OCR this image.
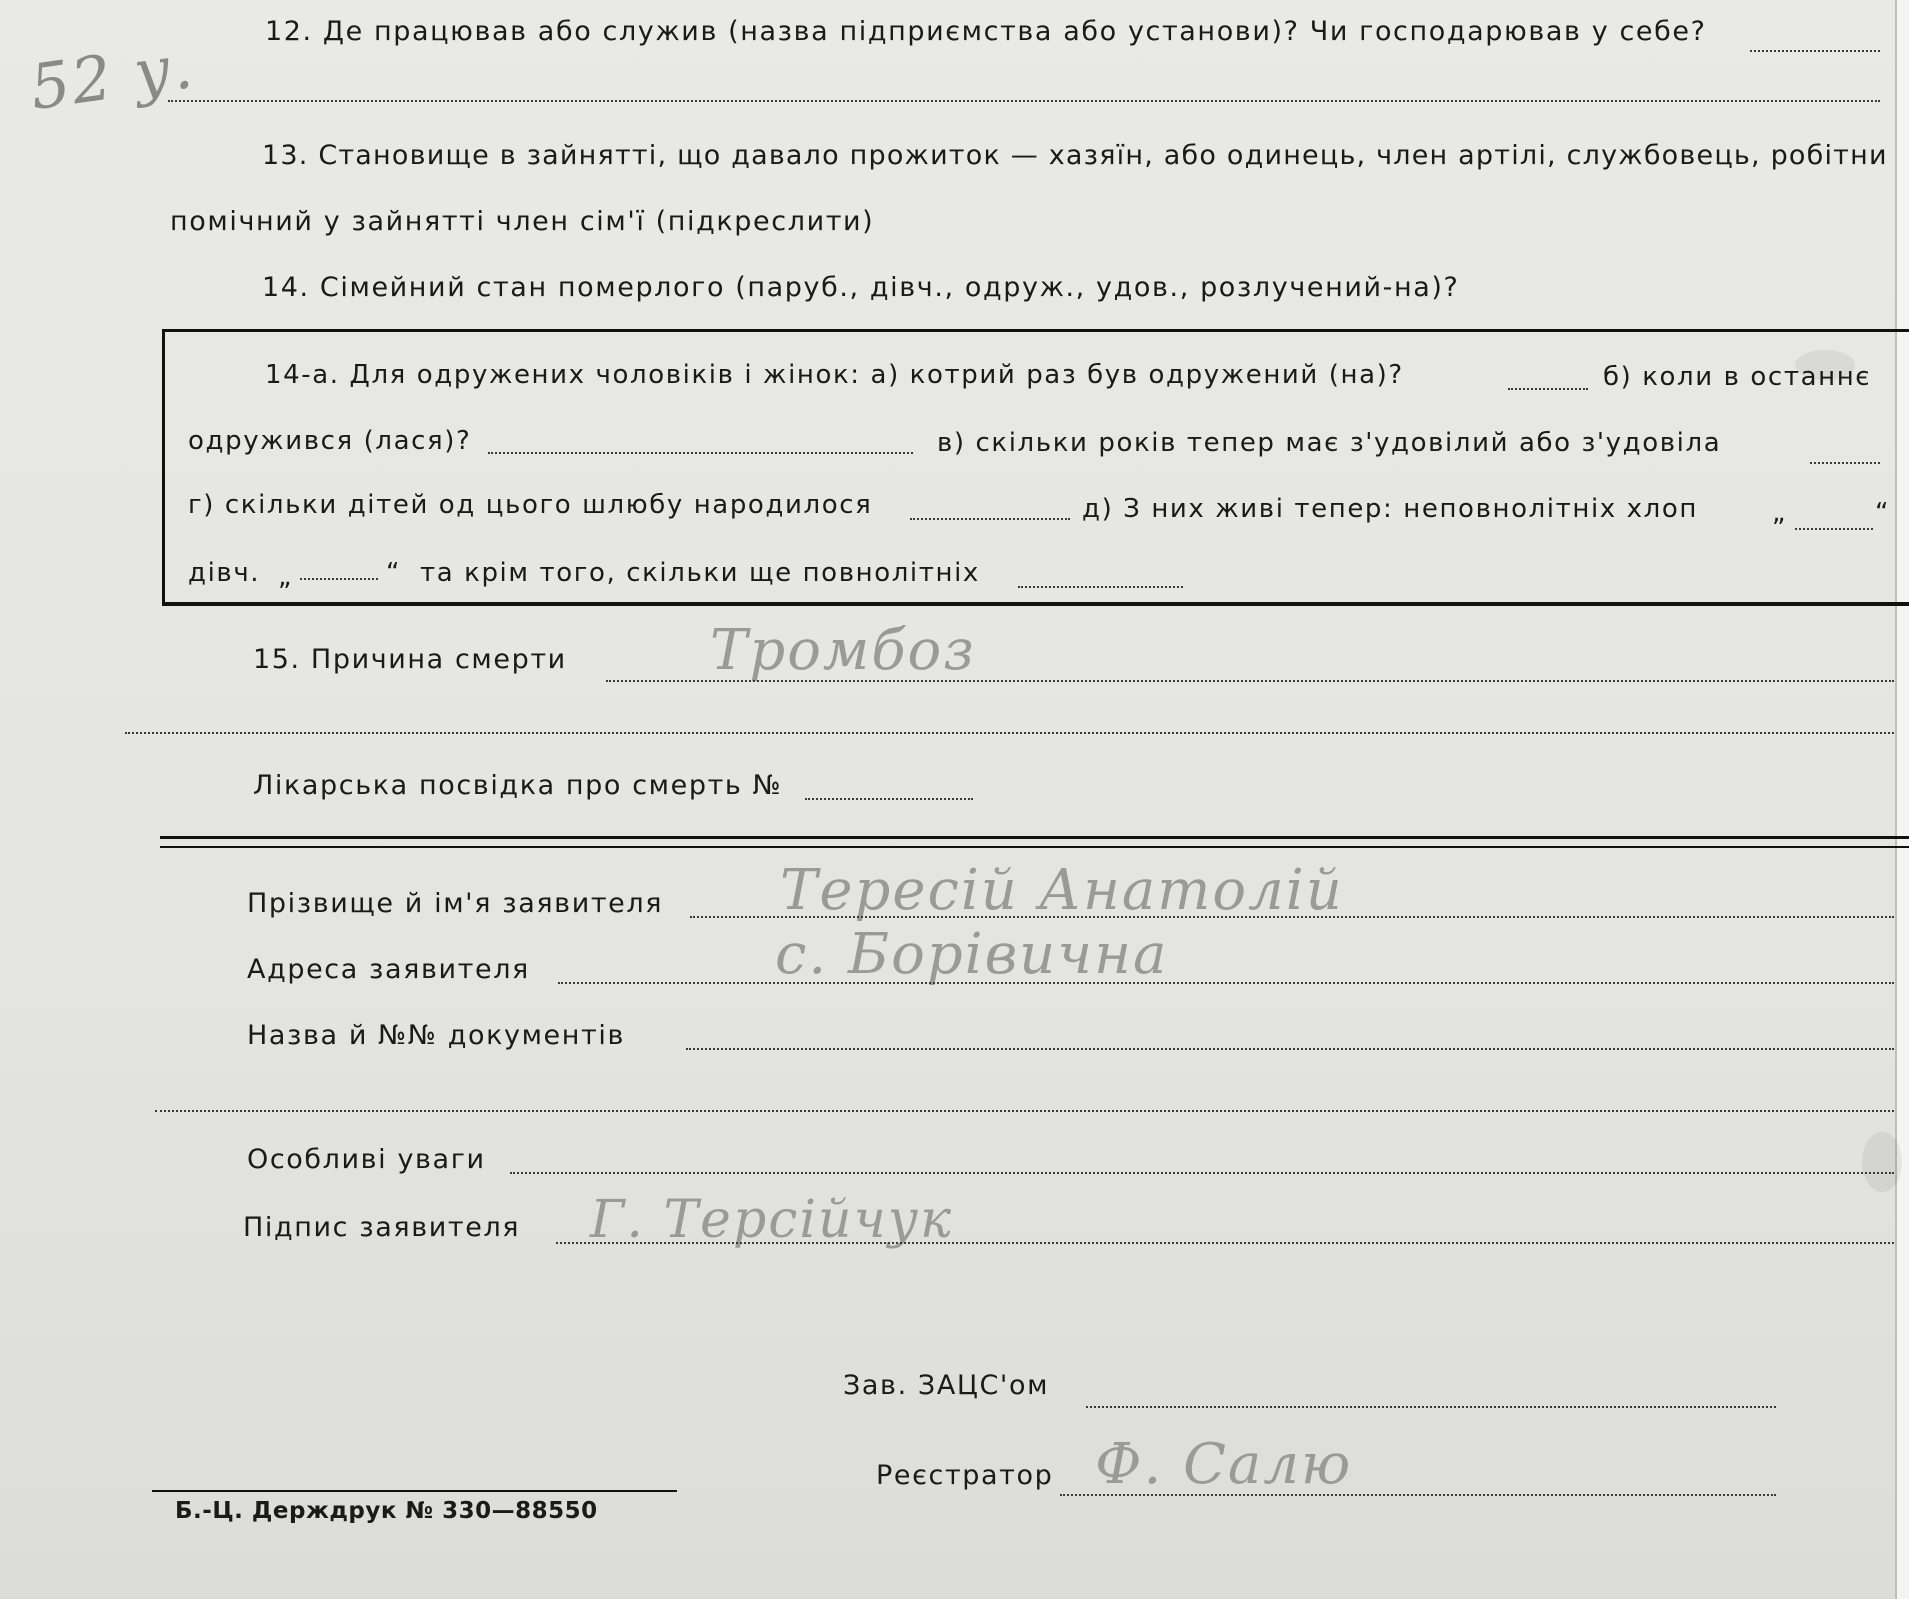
52 у. 12. Де працював або служив (назва підприємства або установи)? Чи господарював у себе?
13. Становище в зайнятті, що давало прожиток — хазяїн, або одинець, член артілі, службовець, робітни
помічний у зайнятті член сім'ї (підкреслити)
14. Сімейний стан померлого (паруб., дівч., одруж., удов., розлучений-на)?
14-а. Для одружених чоловіків і жінок: а) котрий раз був одружений (на)?	б) коли в останнє
одружився (лася)?	в) скільки років тепер має з'удовілий або з'удовіла
г) скільки дітей од цього шлюбу народилося	д) З них живі тепер: неповнолітніх хлоп	„	“
дівч. „	“ та крім того, скільки ще повнолітніх
15. Причина смерти	Тромбоз
Лікарська посвідка про смерть №
Прізвище й ім'я заявителя Тересій Анатолій
Адреса заявителя	с. Борівична
Назва й №№ документів
Особливі уваги
Підпис заявителя Г. Терсійчук
Зав. ЗАЦС'ом
Реєстратор Ф. Салю
Б.-Ц. Держдрук № 330—88550
